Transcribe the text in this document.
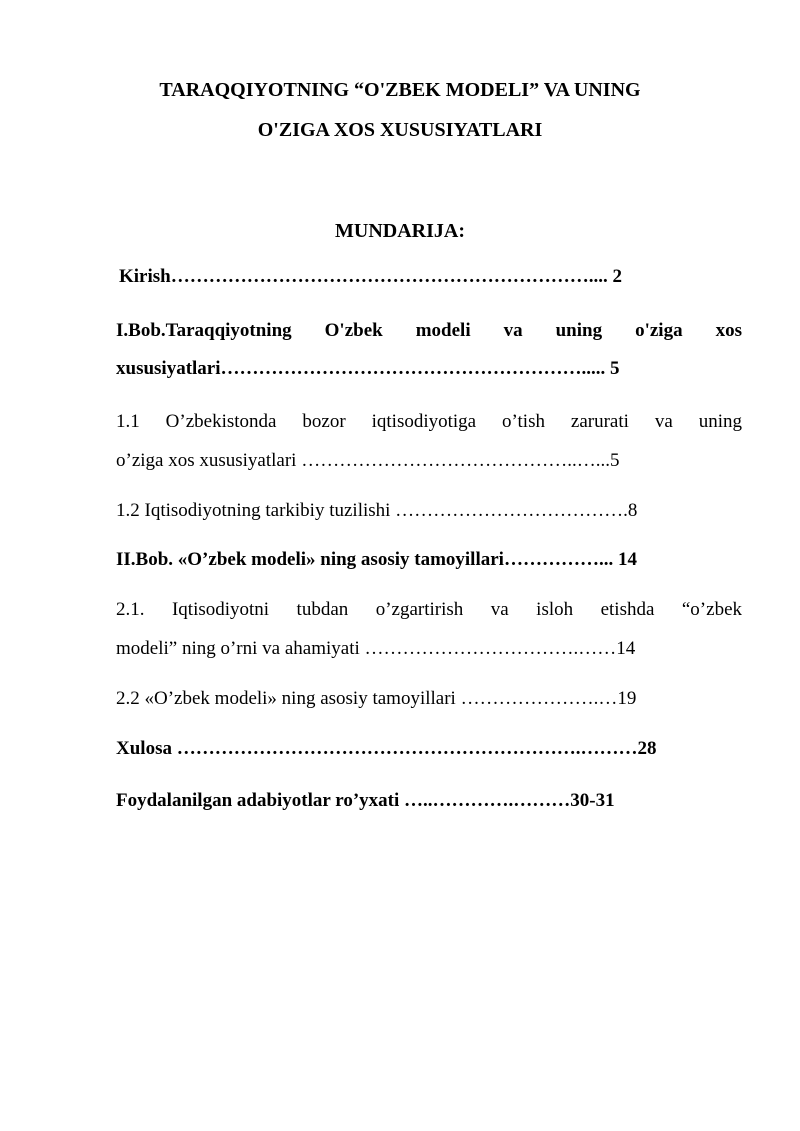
TARAQQIYOTNING “O'ZBEK MODELI” VA UNING
O'ZIGA XOS XUSUSIYATLARI
MUNDARIJA:
Kirish………………………………………………………….... 2
I.Bob.Taraqqiyotning O'zbek modeli va uning o'ziga xos
xususiyatlari…………………………………………………..... 5
1.1 O’zbekistonda bozor iqtisodiyotiga o’tish zarurati va uning
o’ziga xos xususiyatlari ……………………………………..…...5
1.2 Iqtisodiyotning tarkibiy tuzilishi ……………………………….8
II.Bob. «O’zbek modeli» ning asosiy tamoyillari……………... 14
2.1. Iqtisodiyotni tubdan o’zgartirish va isloh etishda “o’zbek
modeli” ning o’rni va ahamiyati …………………………….……14
2.2 «O’zbek modeli» ning asosiy tamoyillari ………………….…19
Xulosa ……………………………………………………….………28
Foydalanilgan adabiyotlar ro’yxati …..………….………30-31
